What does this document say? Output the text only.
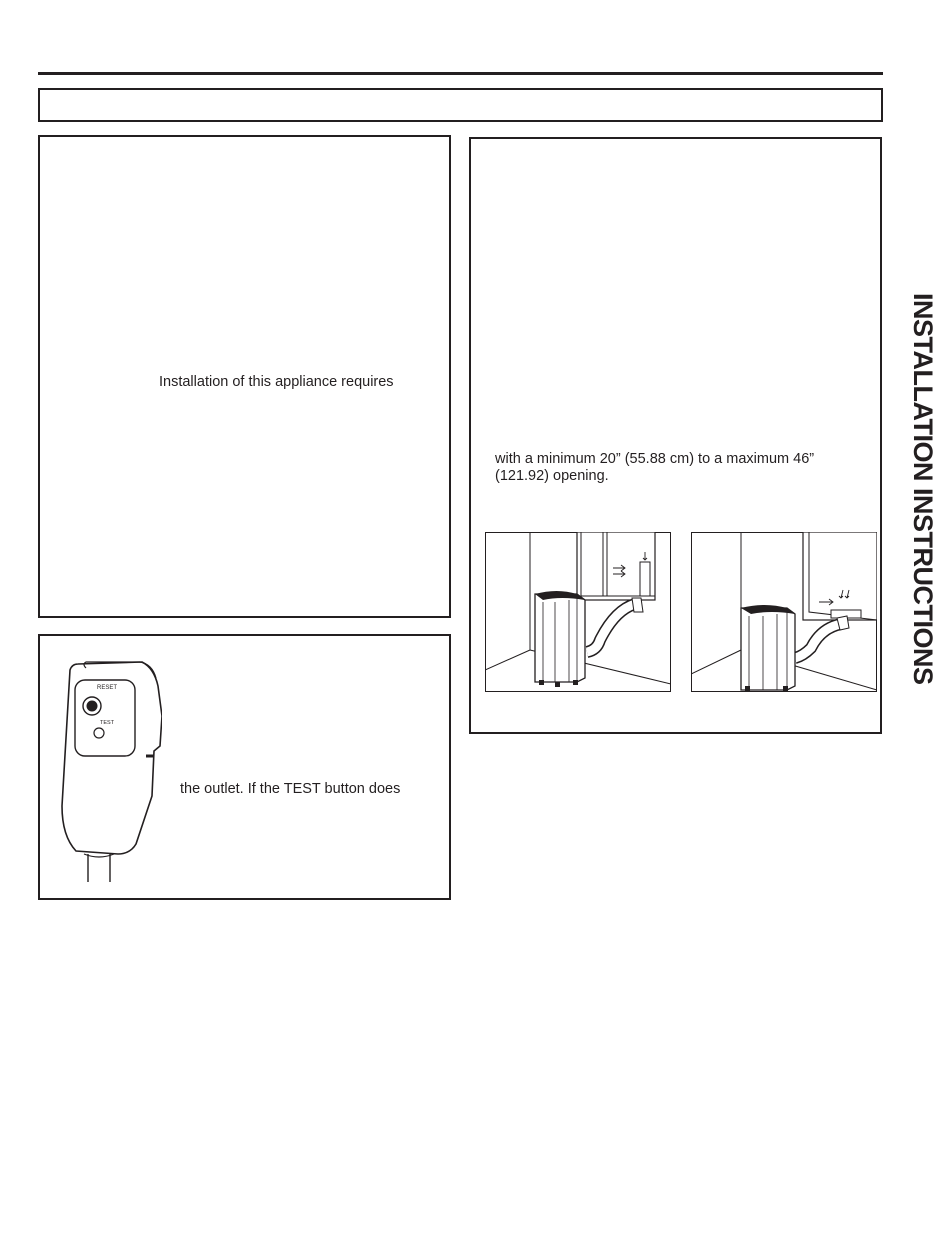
INSTALLATION INSTRUCTIONS
Installation of this appliance requires
RESET
TEST
the outlet. If the TEST button does
with a minimum 20” (55.88 cm) to a maximum 46”
(121.92) opening.
